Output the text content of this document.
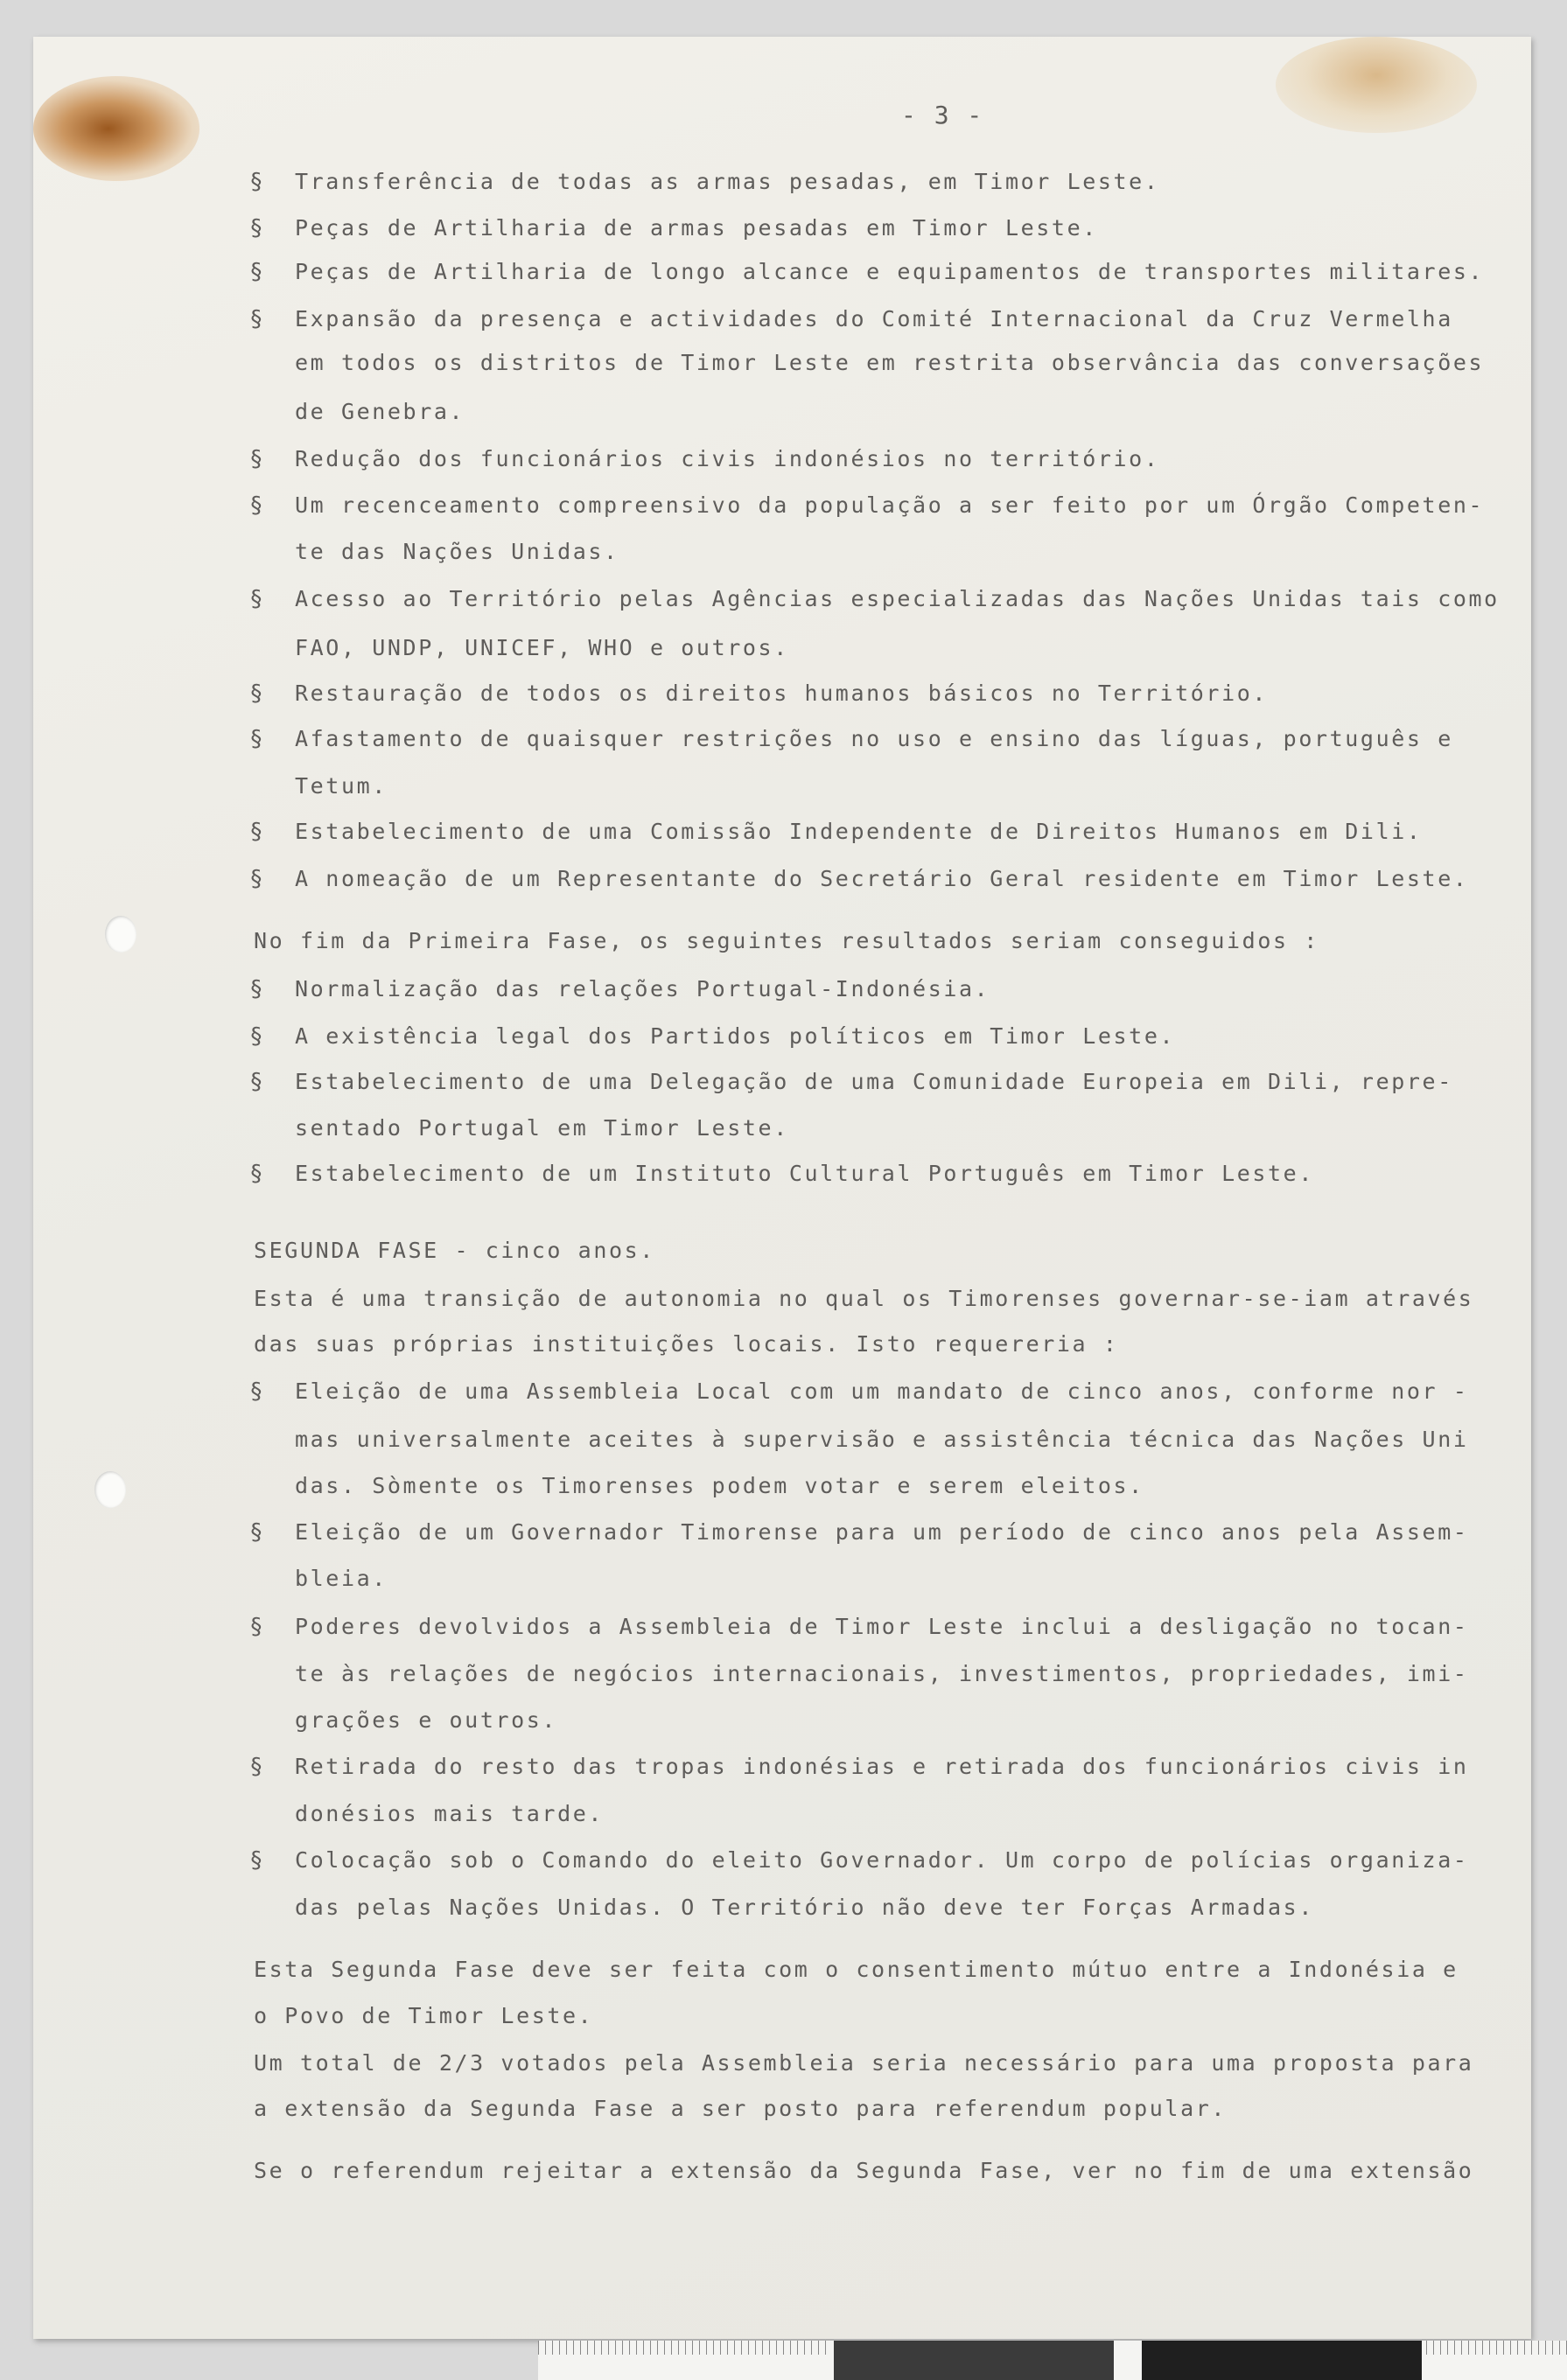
- 3 -
§ Transferência de todas as armas pesadas, em Timor Leste.
§ Peças de Artilharia de armas pesadas em Timor Leste.
§ Peças de Artilharia de longo alcance e equipamentos de transportes militares.
§ Expansão da presença e actividades do Comité Internacional da Cruz Vermelha
em todos os distritos de Timor Leste em restrita observância das conversações
de Genebra.
§ Redução dos funcionários civis indonésios no território.
§ Um recenceamento compreensivo da população a ser feito por um Órgão Competen-
te das Nações Unidas.
§ Acesso ao Território pelas Agências especializadas das Nações Unidas tais como
FAO, UNDP, UNICEF, WHO e outros.
§ Restauração de todos os direitos humanos básicos no Território.
§ Afastamento de quaisquer restrições no uso e ensino das líguas, português e
Tetum.
§ Estabelecimento de uma Comissão Independente de Direitos Humanos em Dili.
§ A nomeação de um Representante do Secretário Geral residente em Timor Leste.
No fim da Primeira Fase, os seguintes resultados seriam conseguidos :
§ Normalização das relações Portugal-Indonésia.
§ A existência legal dos Partidos políticos em Timor Leste.
§ Estabelecimento de uma Delegação de uma Comunidade Europeia em Dili, repre-
sentado Portugal em Timor Leste.
§ Estabelecimento de um Instituto Cultural Português em Timor Leste.
SEGUNDA FASE - cinco anos.
Esta é uma transição de autonomia no qual os Timorenses governar-se-iam através
das suas próprias instituições locais. Isto requereria :
§ Eleição de uma Assembleia Local com um mandato de cinco anos, conforme nor -
mas universalmente aceites à supervisão e assistência técnica das Nações Uni
das. Sòmente os Timorenses podem votar e serem eleitos.
§ Eleição de um Governador Timorense para um período de cinco anos pela Assem-
bleia.
§ Poderes devolvidos a Assembleia de Timor Leste inclui a desligação no tocan-
te às relações de negócios internacionais, investimentos, propriedades, imi-
grações e outros.
§ Retirada do resto das tropas indonésias e retirada dos funcionários civis in
donésios mais tarde.
§ Colocação sob o Comando do eleito Governador. Um corpo de polícias organiza-
das pelas Nações Unidas. O Território não deve ter Forças Armadas.
Esta Segunda Fase deve ser feita com o consentimento mútuo entre a Indonésia e
o Povo de Timor Leste.
Um total de 2/3 votados pela Assembleia seria necessário para uma proposta para
a extensão da Segunda Fase a ser posto para referendum popular.
Se o referendum rejeitar a extensão da Segunda Fase, ver no fim de uma extensão
